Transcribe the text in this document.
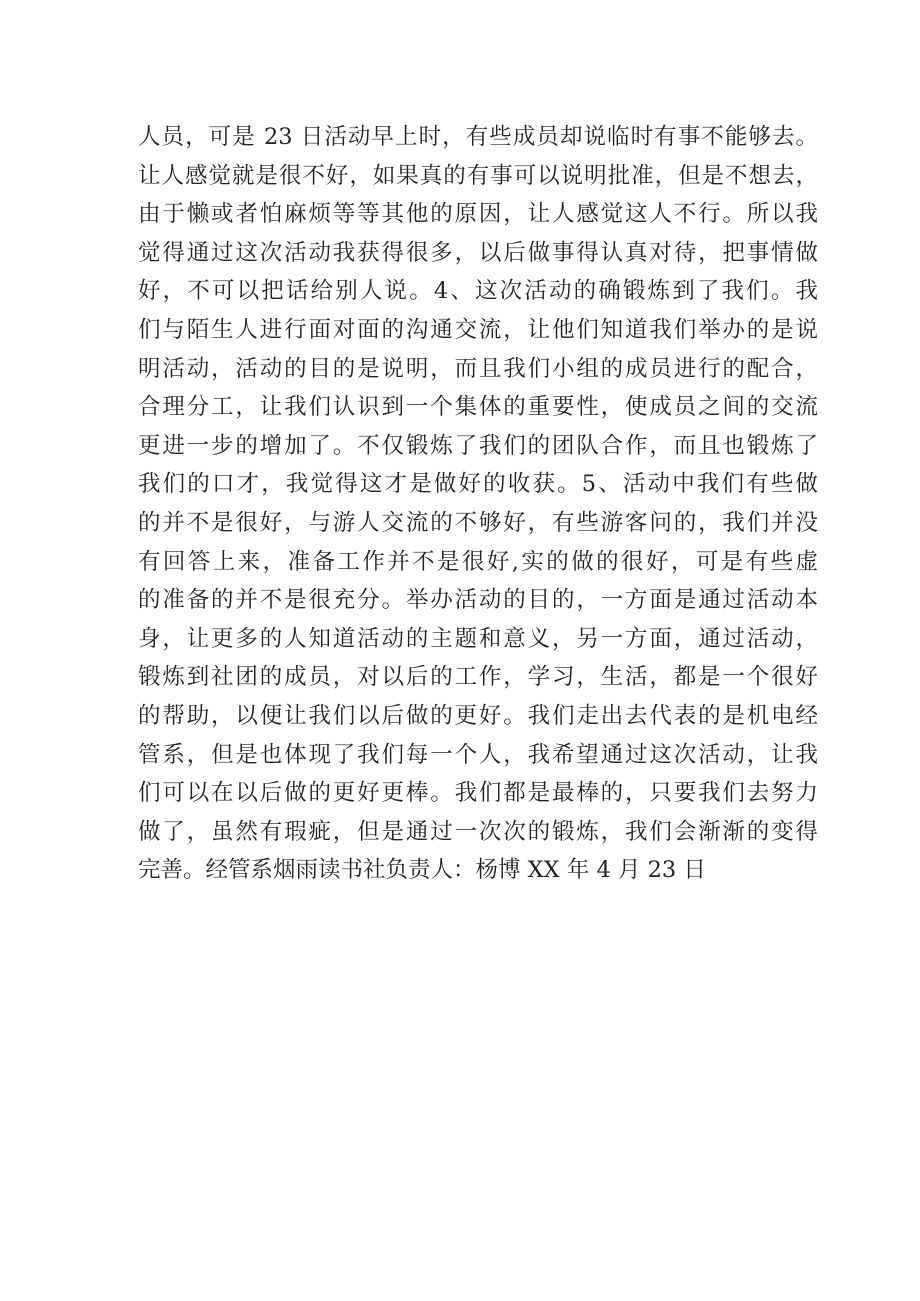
人员，可是 23 日活动早上时，有些成员却说临时有事不能够去。
让人感觉就是很不好，如果真的有事可以说明批准，但是不想去，
由于懒或者怕麻烦等等其他的原因，让人感觉这人不行。所以我
觉得通过这次活动我获得很多，以后做事得认真对待，把事情做
好，不可以把话给别人说。4、这次活动的确锻炼到了我们。我
们与陌生人进行面对面的沟通交流，让他们知道我们举办的是说
明活动，活动的目的是说明，而且我们小组的成员进行的配合，
合理分工，让我们认识到一个集体的重要性，使成员之间的交流
更进一步的增加了。不仅锻炼了我们的团队合作，而且也锻炼了
我们的口才，我觉得这才是做好的收获。5、活动中我们有些做
的并不是很好，与游人交流的不够好，有些游客问的，我们并没
有回答上来，准备工作并不是很好,实的做的很好，可是有些虚
的准备的并不是很充分。举办活动的目的，一方面是通过活动本
身，让更多的人知道活动的主题和意义，另一方面，通过活动，
锻炼到社团的成员，对以后的工作，学习，生活，都是一个很好
的帮助，以便让我们以后做的更好。我们走出去代表的是机电经
管系，但是也体现了我们每一个人，我希望通过这次活动，让我
们可以在以后做的更好更棒。我们都是最棒的，只要我们去努力
做了，虽然有瑕疵，但是通过一次次的锻炼，我们会渐渐的变得
完善。经管系烟雨读书社负责人：杨博 XX 年 4 月 23 日
